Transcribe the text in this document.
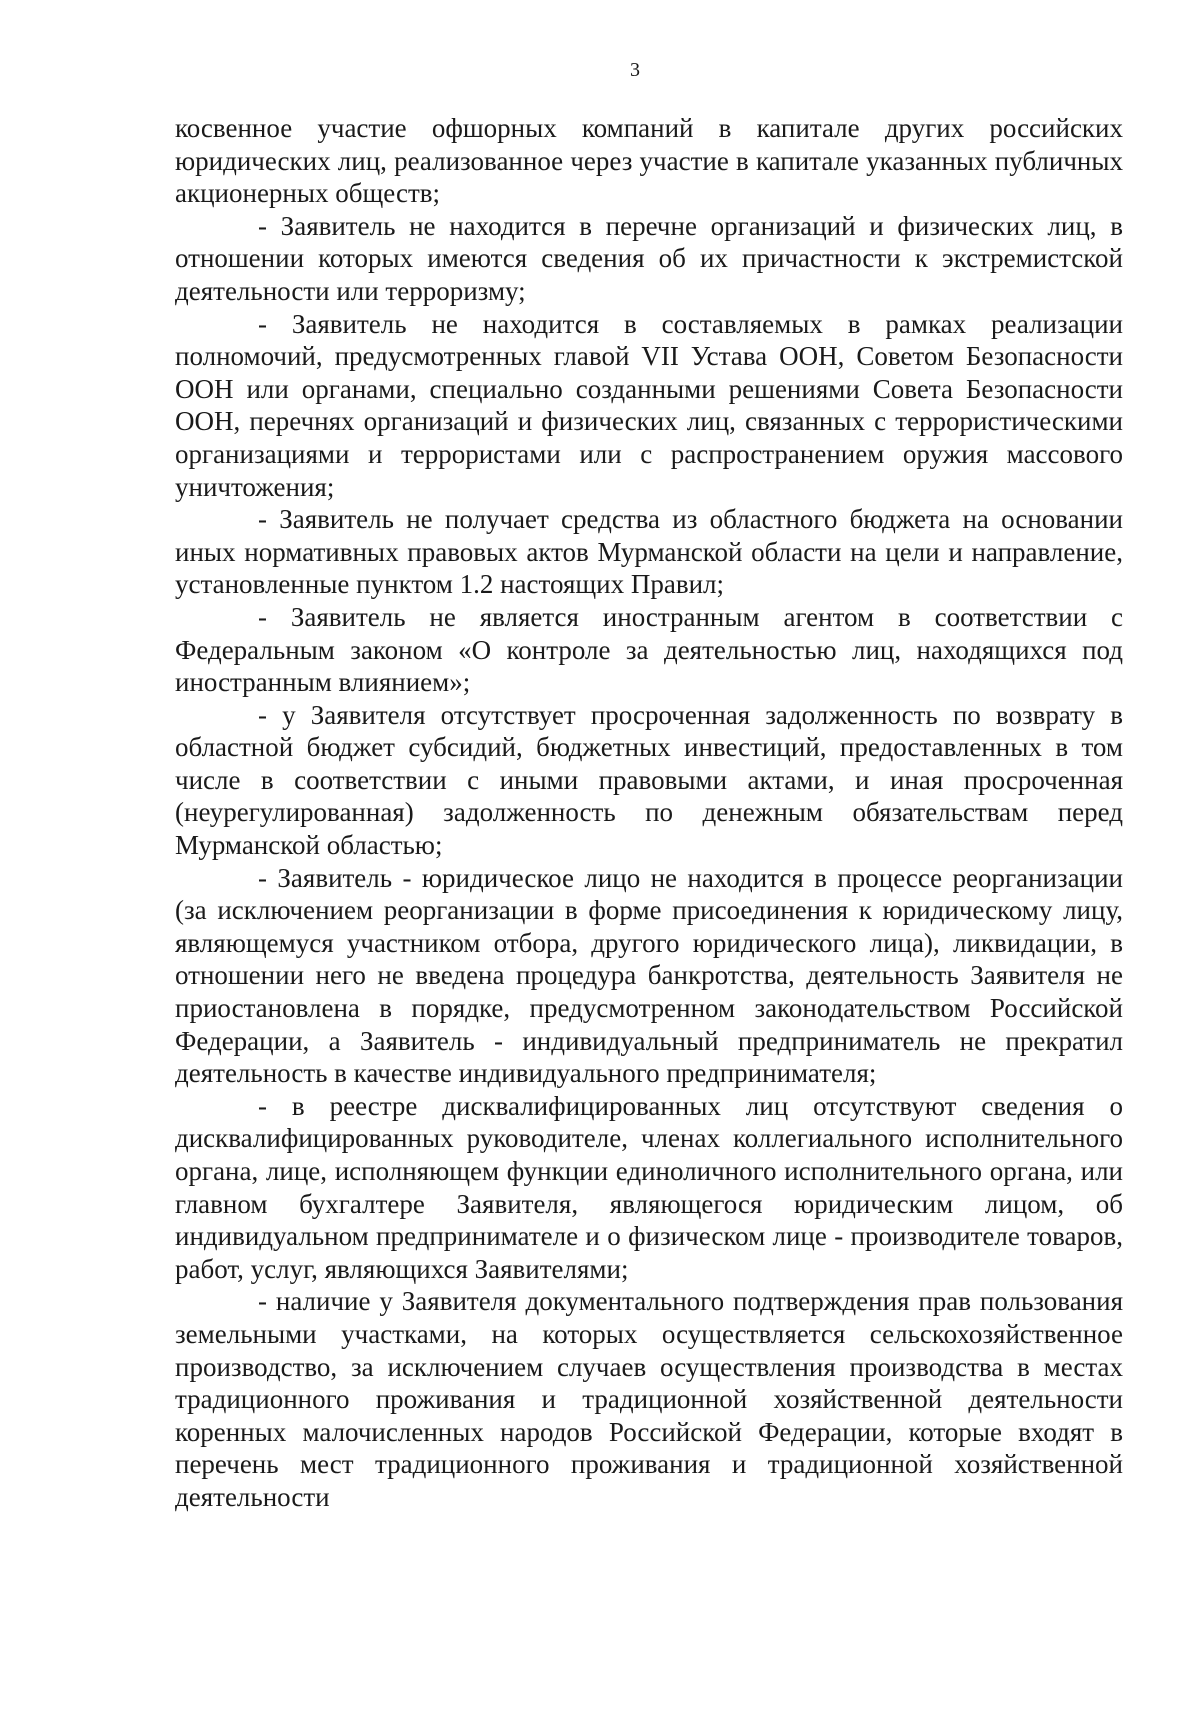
3

косвенное участие офшорных компаний в капитале других российских юридических лиц, реализованное через участие в капитале указанных публичных акционерных обществ;

- Заявитель не находится в перечне организаций и физических лиц, в отношении которых имеются сведения об их причастности к экстремистской деятельности или терроризму;

- Заявитель не находится в составляемых в рамках реализации полномочий, предусмотренных главой VII Устава ООН, Советом Безопасности ООН или органами, специально созданными решениями Совета Безопасности ООН, перечнях организаций и физических лиц, связанных с террористическими организациями и террористами или с распространением оружия массового уничтожения;

- Заявитель не получает средства из областного бюджета на основании иных нормативных правовых актов Мурманской области на цели и направление, установленные пунктом 1.2 настоящих Правил;

- Заявитель не является иностранным агентом в соответствии с Федеральным законом «О контроле за деятельностью лиц, находящихся под иностранным влиянием»;

- у Заявителя отсутствует просроченная задолженность по возврату в областной бюджет субсидий, бюджетных инвестиций, предоставленных в том числе в соответствии с иными правовыми актами, и иная просроченная (неурегулированная) задолженность по денежным обязательствам перед Мурманской областью;

- Заявитель - юридическое лицо не находится в процессе реорганизации (за исключением реорганизации в форме присоединения к юридическому лицу, являющемуся участником отбора, другого юридического лица), ликвидации, в отношении него не введена процедура банкротства, деятельность Заявителя не приостановлена в порядке, предусмотренном законодательством Российской Федерации, а Заявитель - индивидуальный предприниматель не прекратил деятельность в качестве индивидуального предпринимателя;

- в реестре дисквалифицированных лиц отсутствуют сведения о дисквалифицированных руководителе, членах коллегиального исполнительного органа, лице, исполняющем функции единоличного исполнительного органа, или главном бухгалтере Заявителя, являющегося юридическим лицом, об индивидуальном предпринимателе и о физическом лице - производителе товаров, работ, услуг, являющихся Заявителями;

- наличие у Заявителя документального подтверждения прав пользования земельными участками, на которых осуществляется сельскохозяйственное производство, за исключением случаев осуществления производства в местах традиционного проживания и традиционной хозяйственной деятельности коренных малочисленных народов Российской Федерации, которые входят в перечень мест традиционного проживания и традиционной хозяйственной деятельности
